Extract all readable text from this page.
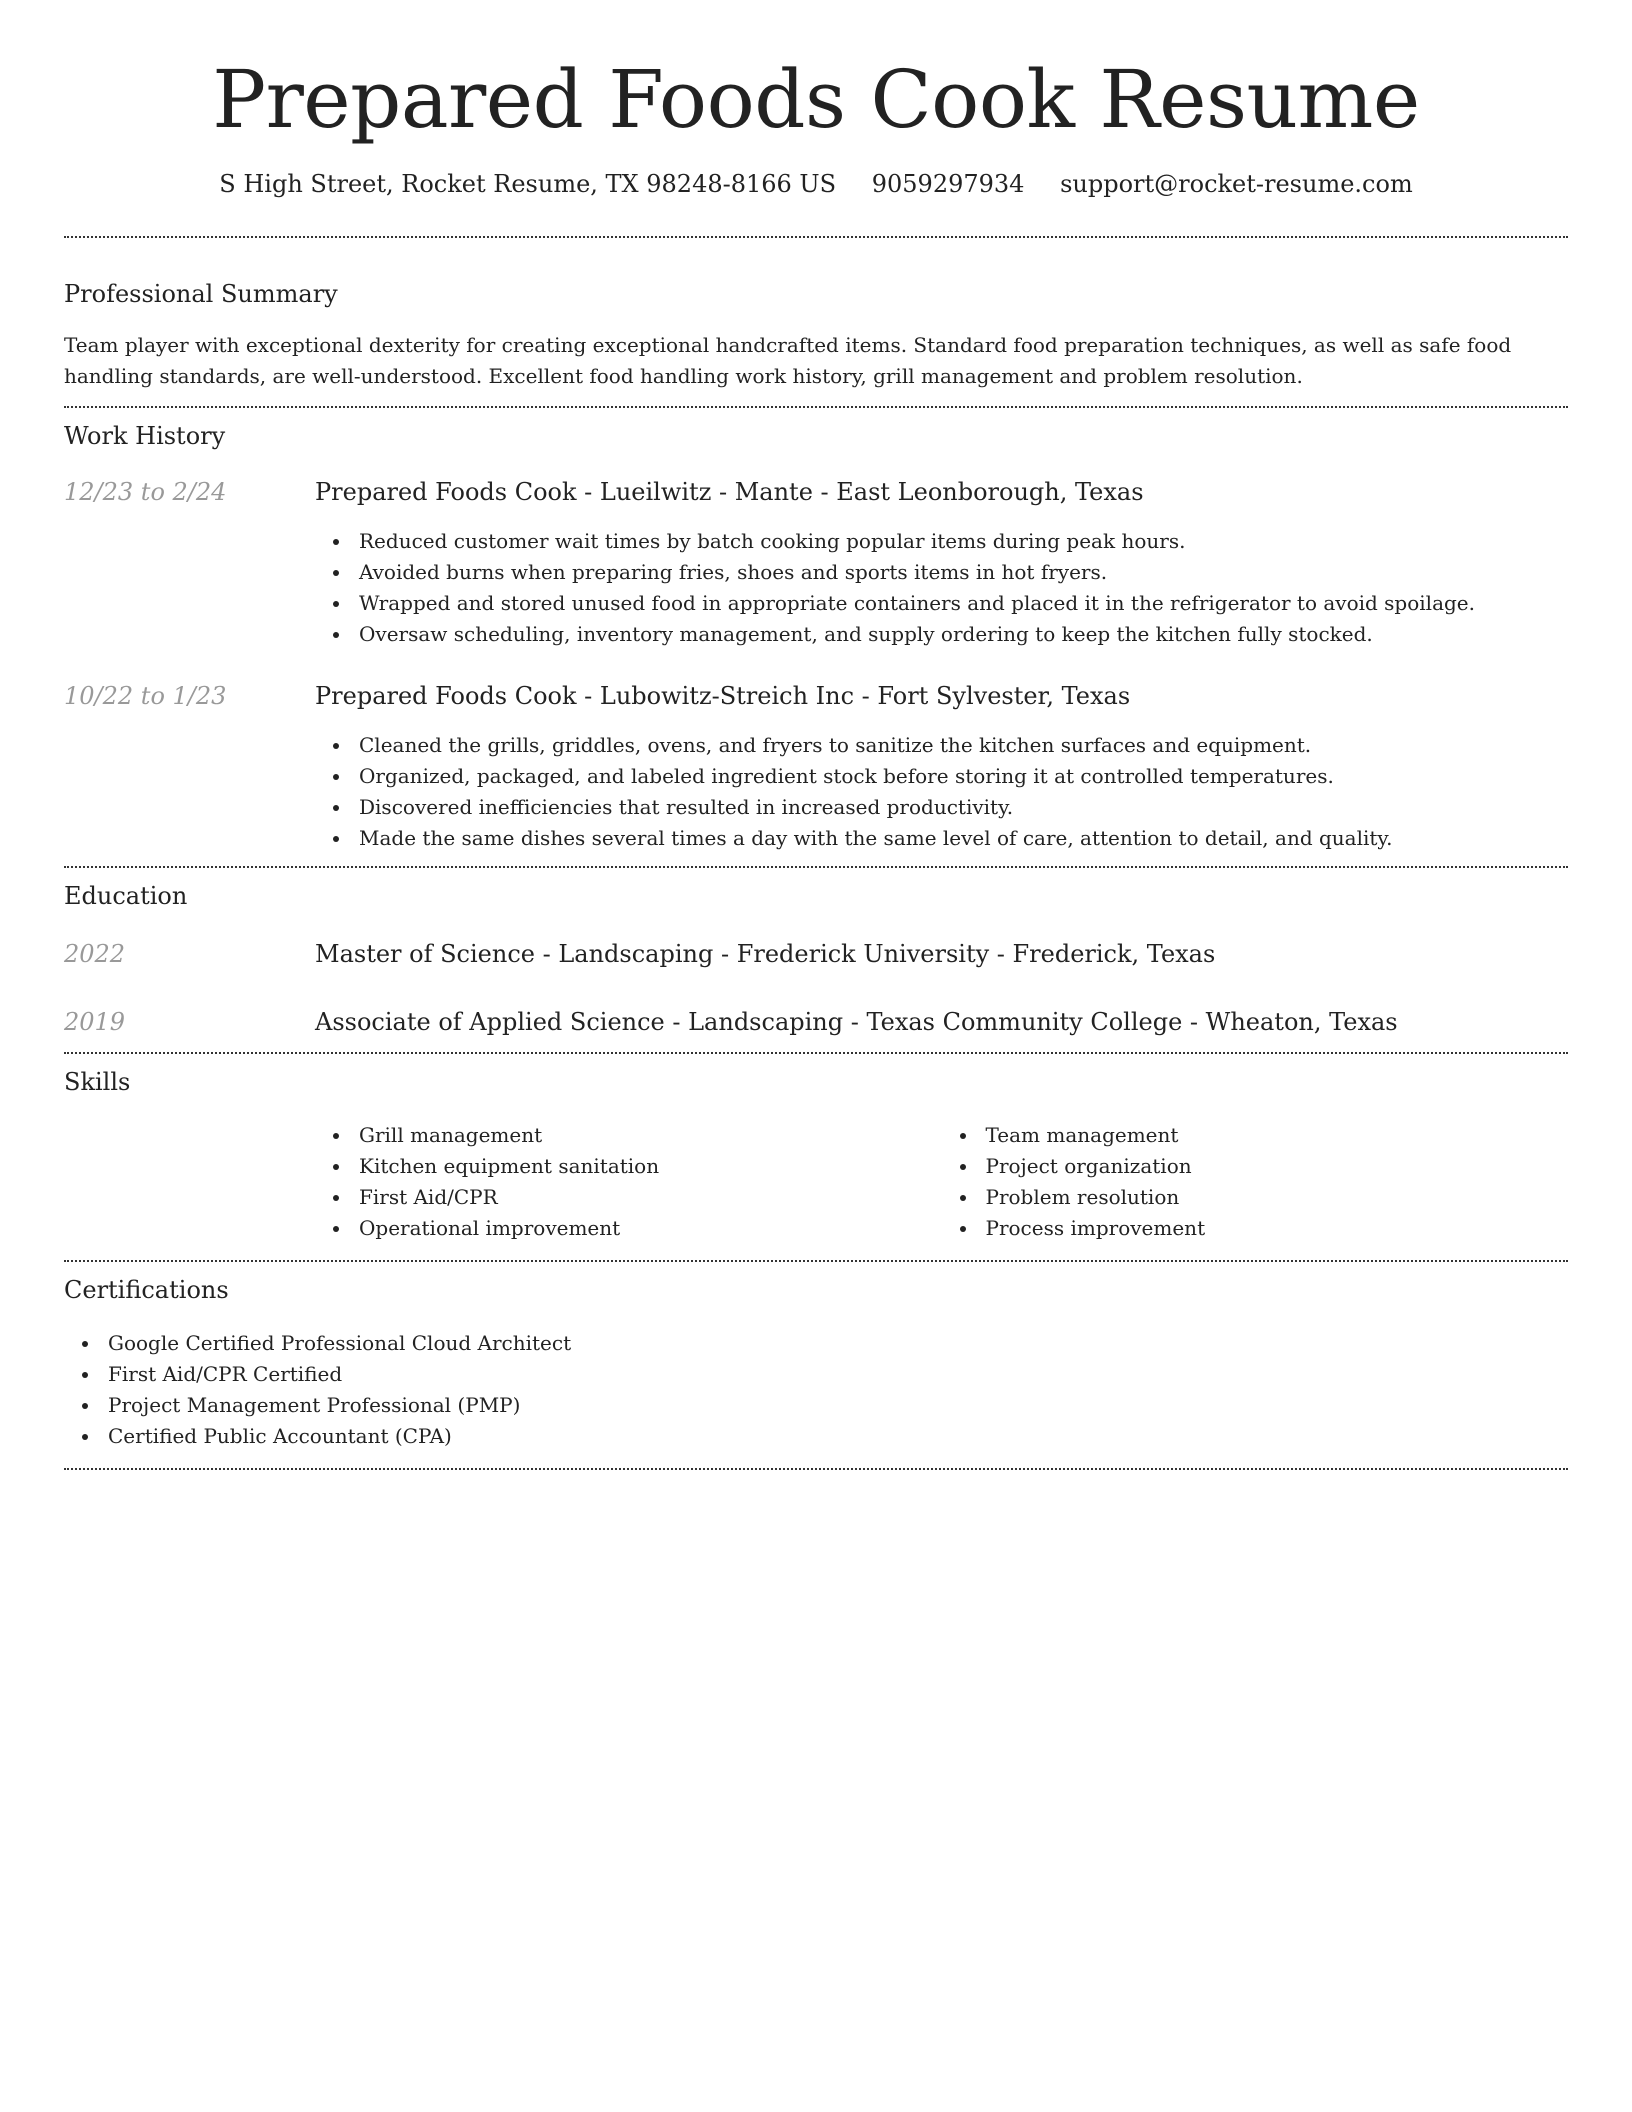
Prepared Foods Cook Resume
S High Street, Rocket Resume, TX 98248-8166 US 9059297934 support@rocket-resume.com
Professional Summary

Team player with exceptional dexterity for creating exceptional handcrafted items. Standard food preparation techniques, as well as safe food handling standards, are well-understood. Excellent food handling work history, grill management and problem resolution.

Work History
12/23 to 2/24	Prepared Foods Cook - Lueilwitz - Mante - East Leonborough, Texas
Reduced customer wait times by batch cooking popular items during peak hours.
Avoided burns when preparing fries, shoes and sports items in hot fryers.
Wrapped and stored unused food in appropriate containers and placed it in the refrigerator to avoid spoilage.
Oversaw scheduling, inventory management, and supply ordering to keep the kitchen fully stocked.
10/22 to 1/23	Prepared Foods Cook - Lubowitz-Streich Inc - Fort Sylvester, Texas
Cleaned the grills, griddles, ovens, and fryers to sanitize the kitchen surfaces and equipment.
Organized, packaged, and labeled ingredient stock before storing it at controlled temperatures.
Discovered inefficiencies that resulted in increased productivity.
Made the same dishes several times a day with the same level of care, attention to detail, and quality.
Education
2022	Master of Science - Landscaping - Frederick University - Frederick, Texas
2019	Associate of Applied Science - Landscaping - Texas Community College - Wheaton, Texas
Skills
Grill management
Kitchen equipment sanitation
First Aid/CPR
Operational improvement
Team management
Project organization
Problem resolution
Process improvement
Certifications
Google Certified Professional Cloud Architect
First Aid/CPR Certified
Project Management Professional (PMP)
Certified Public Accountant (CPA)
